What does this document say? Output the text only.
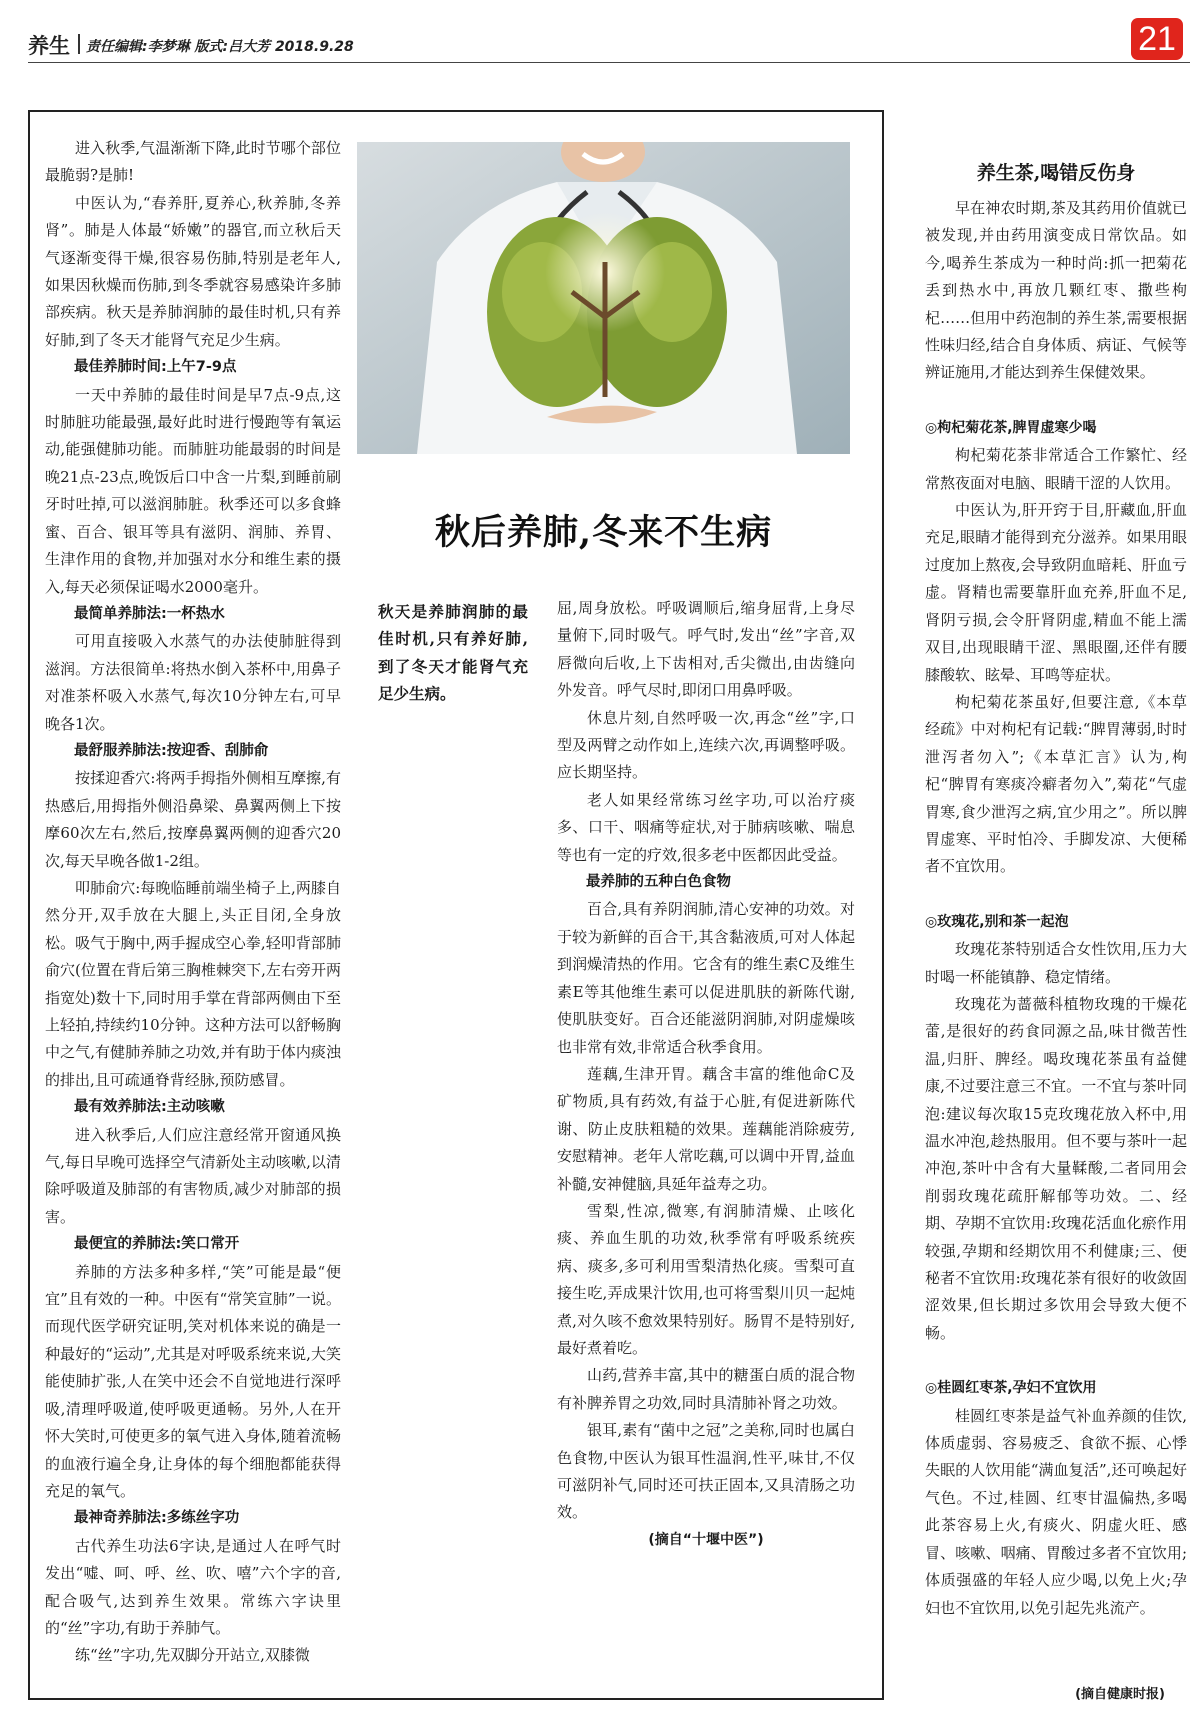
养生 责任编辑:李梦琳 版式:吕大芳 2018.9.28	21

进入秋季,气温渐渐下降,此时节哪个部位最脆弱?是肺!

中医认为,“春养肝,夏养心,秋养肺,冬养肾”。肺是人体最“娇嫩”的器官,而立秋后天气逐渐变得干燥,很容易伤肺,特别是老年人,如果因秋燥而伤肺,到冬季就容易感染许多肺部疾病。秋天是养肺润肺的最佳时机,只有养好肺,到了冬天才能肾气充足少生病。

最佳养肺时间:上午7-9点

一天中养肺的最佳时间是早7点-9点,这时肺脏功能最强,最好此时进行慢跑等有氧运动,能强健肺功能。而肺脏功能最弱的时间是晚21点-23点,晚饭后口中含一片梨,到睡前刷牙时吐掉,可以滋润肺脏。秋季还可以多食蜂蜜、百合、银耳等具有滋阴、润肺、养胃、生津作用的食物,并加强对水分和维生素的摄入,每天必须保证喝水2000毫升。

最简单养肺法:一杯热水

可用直接吸入水蒸气的办法使肺脏得到滋润。方法很简单:将热水倒入茶杯中,用鼻子对准茶杯吸入水蒸气,每次10分钟左右,可早晚各1次。

最舒服养肺法:按迎香、刮肺俞

按揉迎香穴:将两手拇指外侧相互摩擦,有热感后,用拇指外侧沿鼻梁、鼻翼两侧上下按摩60次左右,然后,按摩鼻翼两侧的迎香穴20次,每天早晚各做1-2组。

叩肺俞穴:每晚临睡前端坐椅子上,两膝自然分开,双手放在大腿上,头正目闭,全身放松。吸气于胸中,两手握成空心拳,轻叩背部肺俞穴(位置在背后第三胸椎棘突下,左右旁开两指宽处)数十下,同时用手掌在背部两侧由下至上轻拍,持续约10分钟。这种方法可以舒畅胸中之气,有健肺养肺之功效,并有助于体内痰浊的排出,且可疏通脊背经脉,预防感冒。

最有效养肺法:主动咳嗽

进入秋季后,人们应注意经常开窗通风换气,每日早晚可选择空气清新处主动咳嗽,以清除呼吸道及肺部的有害物质,减少对肺部的损害。

最便宜的养肺法:笑口常开

养肺的方法多种多样,“笑”可能是最“便宜”且有效的一种。中医有“常笑宣肺”一说。而现代医学研究证明,笑对机体来说的确是一种最好的“运动”,尤其是对呼吸系统来说,大笑能使肺扩张,人在笑中还会不自觉地进行深呼吸,清理呼吸道,使呼吸更通畅。另外,人在开怀大笑时,可使更多的氧气进入身体,随着流畅的血液行遍全身,让身体的每个细胞都能获得充足的氧气。

最神奇养肺法:多练丝字功

古代养生功法6字诀,是通过人在呼气时发出“嘘、呵、呼、丝、吹、嘻”六个字的音,配合吸气,达到养生效果。常练六字诀里的“丝”字功,有助于养肺气。

练“丝”字功,先双脚分开站立,双膝微

秋后养肺,冬来不生病
秋天是养肺润肺的最佳时机,只有养好肺,到了冬天才能肾气充足少生病。

屈,周身放松。呼吸调顺后,缩身屈背,上身尽量俯下,同时吸气。呼气时,发出“丝”字音,双唇微向后收,上下齿相对,舌尖微出,由齿缝向外发音。呼气尽时,即闭口用鼻呼吸。

休息片刻,自然呼吸一次,再念“丝”字,口型及两臂之动作如上,连续六次,再调整呼吸。应长期坚持。

老人如果经常练习丝字功,可以治疗痰多、口干、咽痛等症状,对于肺病咳嗽、喘息等也有一定的疗效,很多老中医都因此受益。

最养肺的五种白色食物

百合,具有养阴润肺,清心安神的功效。对于较为新鲜的百合干,其含黏液质,可对人体起到润燥清热的作用。它含有的维生素C及维生素E等其他维生素可以促进肌肤的新陈代谢,使肌肤变好。百合还能滋阴润肺,对阴虚燥咳也非常有效,非常适合秋季食用。

莲藕,生津开胃。藕含丰富的维他命C及矿物质,具有药效,有益于心脏,有促进新陈代谢、防止皮肤粗糙的效果。莲藕能消除疲劳,安慰精神。老年人常吃藕,可以调中开胃,益血补髓,安神健脑,具延年益寿之功。

雪梨,性凉,微寒,有润肺清燥、止咳化痰、养血生肌的功效,秋季常有呼吸系统疾病、痰多,多可利用雪梨清热化痰。雪梨可直接生吃,弄成果汁饮用,也可将雪梨川贝一起炖煮,对久咳不愈效果特别好。肠胃不是特别好,最好煮着吃。

山药,营养丰富,其中的糖蛋白质的混合物有补脾养胃之功效,同时具清肺补肾之功效。

银耳,素有“菌中之冠”之美称,同时也属白色食物,中医认为银耳性温润,性平,味甘,不仅可滋阴补气,同时还可扶正固本,又具清肠之功效。

(摘自“十堰中医”)

养生茶,喝错反伤身

早在神农时期,茶及其药用价值就已被发现,并由药用演变成日常饮品。如今,喝养生茶成为一种时尚:抓一把菊花丢到热水中,再放几颗红枣、撒些枸杞……但用中药泡制的养生茶,需要根据性味归经,结合自身体质、病证、气候等辨证施用,才能达到养生保健效果。

◎枸杞菊花茶,脾胃虚寒少喝

枸杞菊花茶非常适合工作繁忙、经常熬夜面对电脑、眼睛干涩的人饮用。

中医认为,肝开窍于目,肝藏血,肝血充足,眼睛才能得到充分滋养。如果用眼过度加上熬夜,会导致阴血暗耗、肝血亏虚。肾精也需要靠肝血充养,肝血不足,肾阴亏损,会令肝肾阴虚,精血不能上濡双目,出现眼睛干涩、黑眼圈,还伴有腰膝酸软、眩晕、耳鸣等症状。

枸杞菊花茶虽好,但要注意,《本草经疏》中对枸杞有记载:“脾胃薄弱,时时泄泻者勿入”;《本草汇言》认为,枸杞“脾胃有寒痰冷癖者勿入”,菊花“气虚胃寒,食少泄泻之病,宜少用之”。所以脾胃虚寒、平时怕冷、手脚发凉、大便稀者不宜饮用。

◎玫瑰花,别和茶一起泡

玫瑰花茶特别适合女性饮用,压力大时喝一杯能镇静、稳定情绪。

玫瑰花为蔷薇科植物玫瑰的干燥花蕾,是很好的药食同源之品,味甘微苦性温,归肝、脾经。喝玫瑰花茶虽有益健康,不过要注意三不宜。一不宜与茶叶同泡:建议每次取15克玫瑰花放入杯中,用温水冲泡,趁热服用。但不要与茶叶一起冲泡,茶叶中含有大量鞣酸,二者同用会削弱玫瑰花疏肝解郁等功效。二、经期、孕期不宜饮用:玫瑰花活血化瘀作用较强,孕期和经期饮用不利健康;三、便秘者不宜饮用:玫瑰花茶有很好的收敛固涩效果,但长期过多饮用会导致大便不畅。

◎桂圆红枣茶,孕妇不宜饮用

桂圆红枣茶是益气补血养颜的佳饮,体质虚弱、容易疲乏、食欲不振、心悸失眠的人饮用能“满血复活”,还可唤起好气色。不过,桂圆、红枣甘温偏热,多喝此茶容易上火,有痰火、阴虚火旺、感冒、咳嗽、咽痛、胃酸过多者不宜饮用;体质强盛的年轻人应少喝,以免上火;孕妇也不宜饮用,以免引起先兆流产。

(摘自健康时报)
